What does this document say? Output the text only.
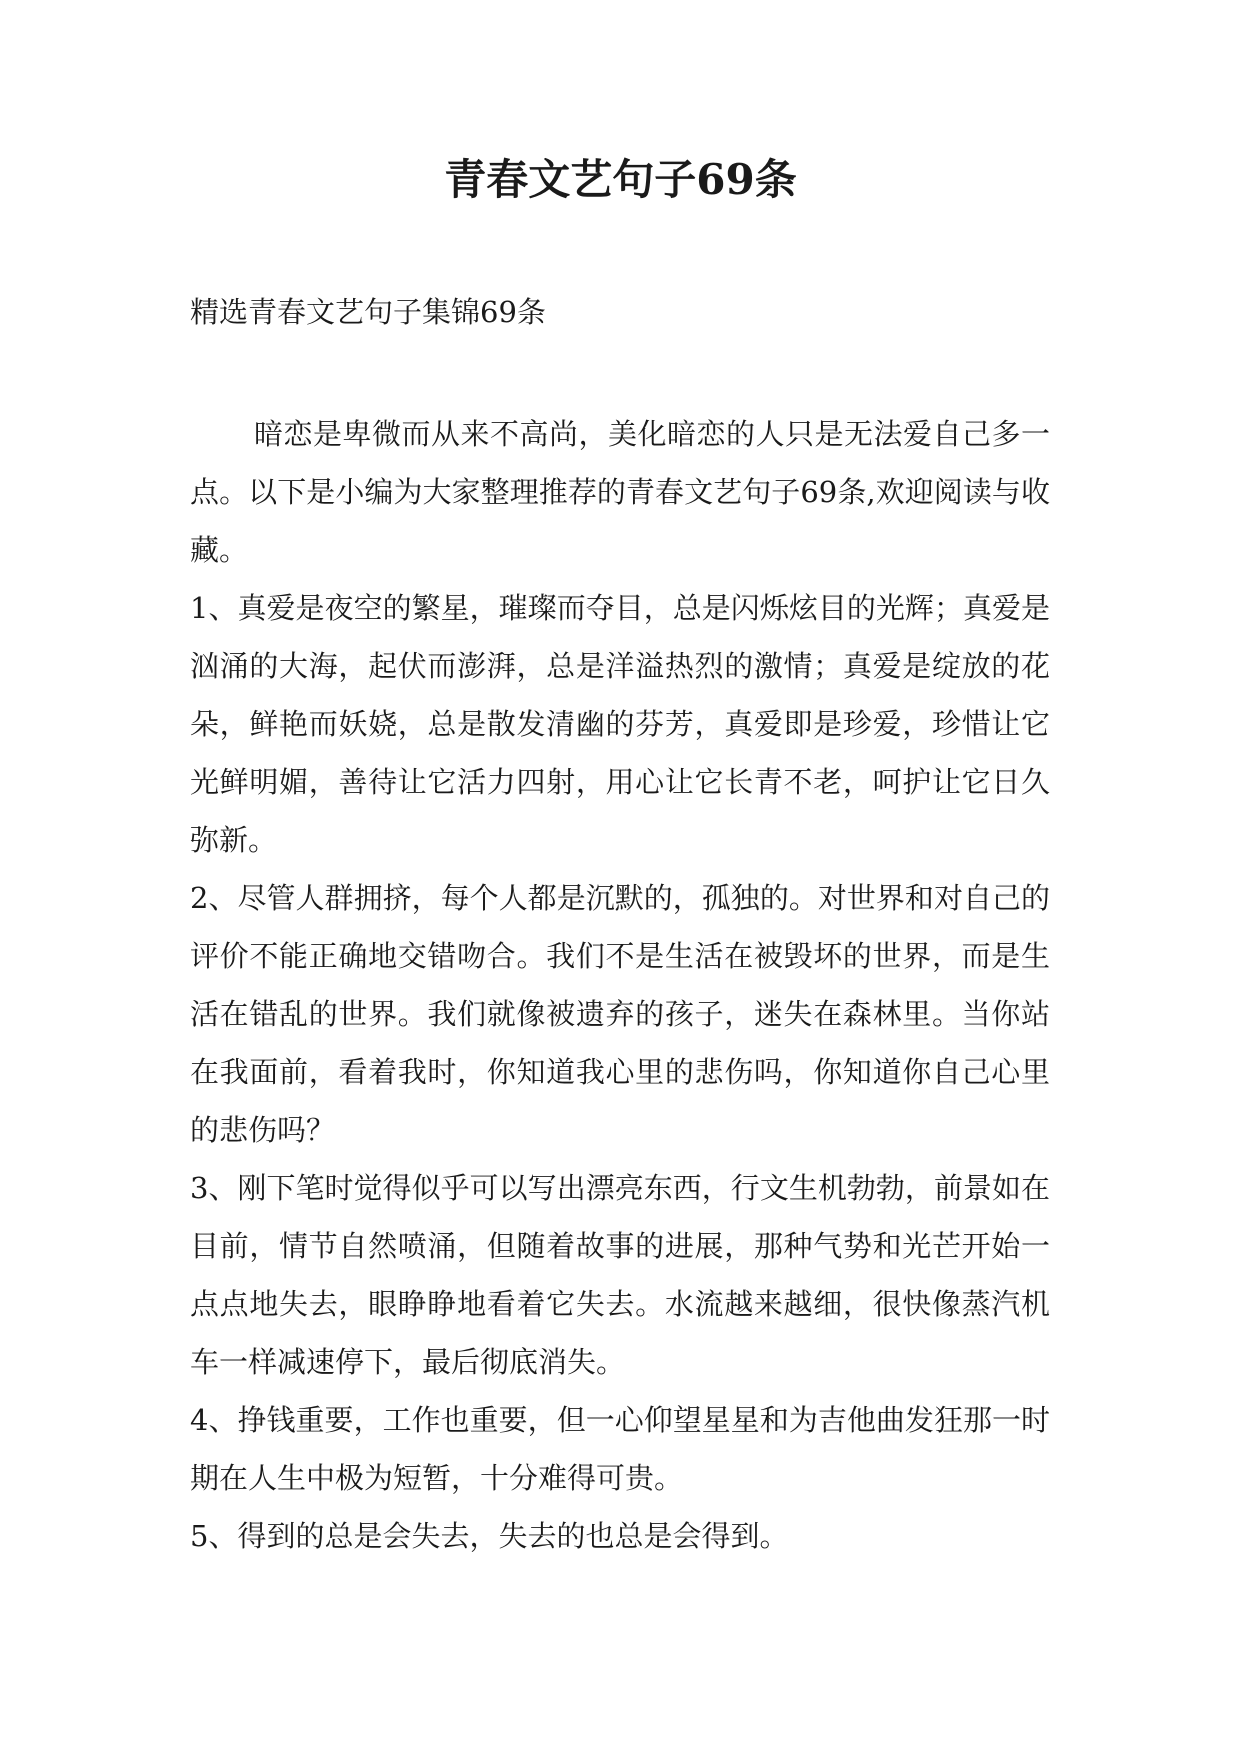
青春文艺句子69条

精选青春文艺句子集锦69条

暗恋是卑微而从来不高尚，美化暗恋的人只是无法爱自己多一点。以下是小编为大家整理推荐的青春文艺句子69条,欢迎阅读与收藏。

1、真爱是夜空的繁星，璀璨而夺目，总是闪烁炫目的光辉；真爱是汹涌的大海，起伏而澎湃，总是洋溢热烈的激情；真爱是绽放的花朵，鲜艳而妖娆，总是散发清幽的芬芳，真爱即是珍爱，珍惜让它光鲜明媚，善待让它活力四射，用心让它长青不老，呵护让它日久弥新。

2、尽管人群拥挤，每个人都是沉默的，孤独的。对世界和对自己的评价不能正确地交错吻合。我们不是生活在被毁坏的世界，而是生活在错乱的世界。我们就像被遗弃的孩子，迷失在森林里。当你站在我面前，看着我时，你知道我心里的悲伤吗，你知道你自己心里的悲伤吗？

3、刚下笔时觉得似乎可以写出漂亮东西，行文生机勃勃，前景如在目前，情节自然喷涌，但随着故事的进展，那种气势和光芒开始一点点地失去，眼睁睁地看着它失去。水流越来越细，很快像蒸汽机车一样减速停下，最后彻底消失。

4、挣钱重要，工作也重要，但一心仰望星星和为吉他曲发狂那一时期在人生中极为短暂，十分难得可贵。

5、得到的总是会失去，失去的也总是会得到。
